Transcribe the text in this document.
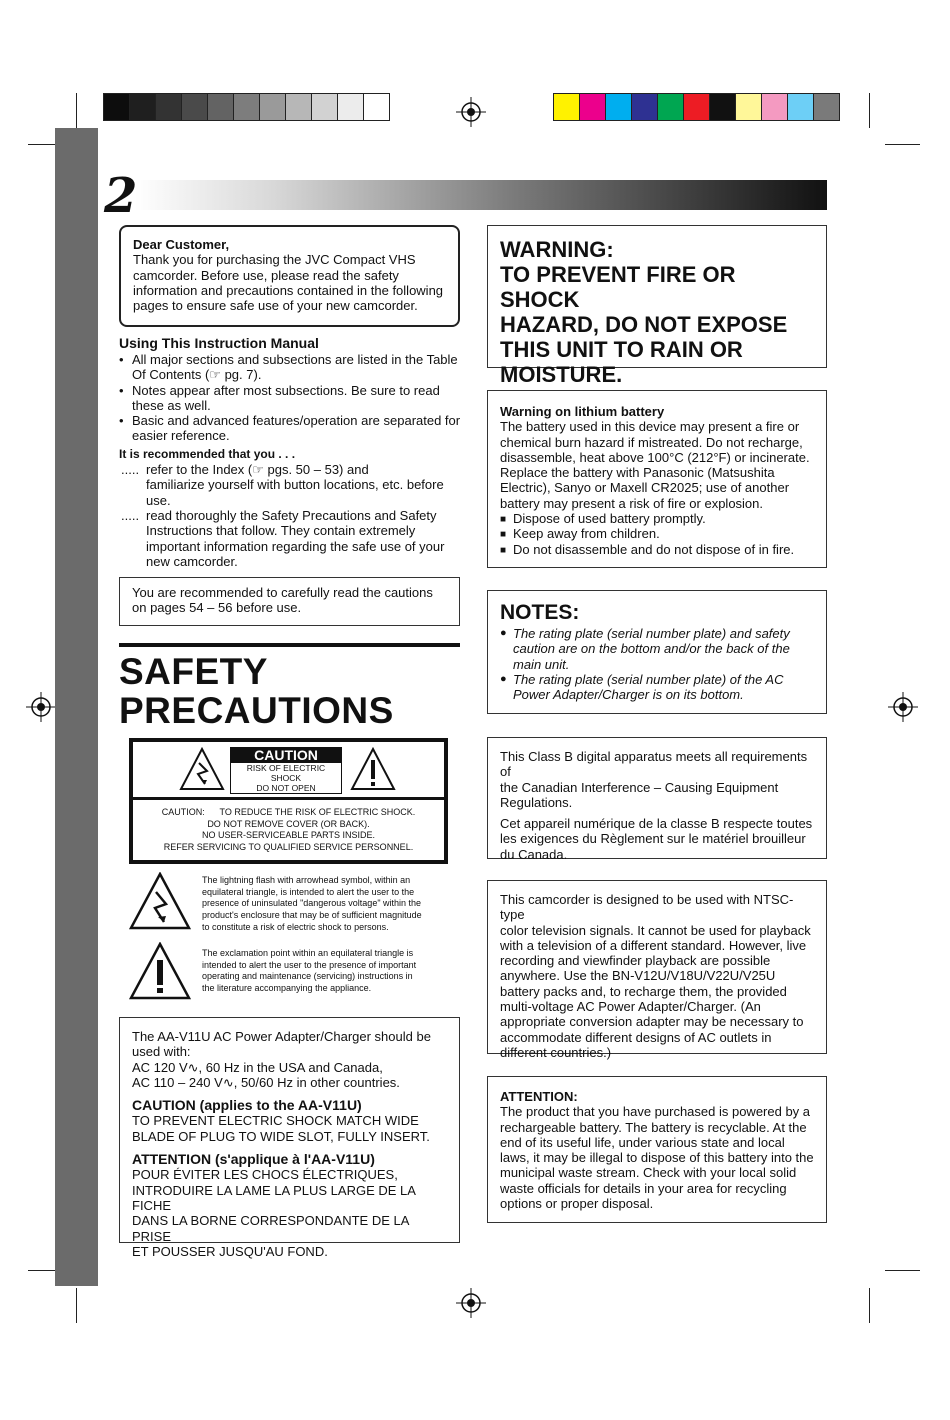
2
Dear Customer,
Thank you for purchasing the JVC Compact VHS
camcorder. Before use, please read the safety
information and precautions contained in the following
pages to ensure safe use of your new camcorder.
Using This Instruction Manual
• All major sections and subsections are listed in the Table
Of Contents (☞ pg. 7).
• Notes appear after most subsections. Be sure to read
these as well.
• Basic and advanced features/operation are separated for
easier reference.
It is recommended that you . . .
..... refer to the Index (☞ pgs. 50 – 53) and
familiarize yourself with button locations, etc. before
use.
..... read thoroughly the Safety Precautions and Safety
Instructions that follow. They contain extremely
important information regarding the safe use of your
new camcorder.
You are recommended to carefully read the cautions
on pages 54 – 56 before use.
SAFETY
PRECAUTIONS
CAUTION
RISK OF ELECTRIC SHOCK
DO NOT OPEN
CAUTION:      TO REDUCE THE RISK OF ELECTRIC SHOCK.
DO NOT REMOVE COVER (OR BACK).
NO USER-SERVICEABLE PARTS INSIDE.
REFER SERVICING TO QUALIFIED SERVICE PERSONNEL.
The lightning flash with arrowhead symbol, within an
equilateral triangle, is intended to alert the user to the
presence of uninsulated "dangerous voltage" within the
product's enclosure that may be of sufficient magnitude
to constitute a risk of electric shock to persons.
The exclamation point within an equilateral triangle is
intended to alert the user to the presence of important
operating and maintenance (servicing) instructions in
the literature accompanying the appliance.
The AA-V11U AC Power Adapter/Charger should be
used with:
AC 120 V∿, 60 Hz in the USA and Canada,
AC 110 – 240 V∿, 50/60 Hz in other countries.
CAUTION (applies to the AA-V11U)
TO PREVENT ELECTRIC SHOCK MATCH WIDE
BLADE OF PLUG TO WIDE SLOT, FULLY INSERT.
ATTENTION (s'applique à l'AA-V11U)
POUR ÉVITER LES CHOCS ÉLECTRIQUES,
INTRODUIRE LA LAME LA PLUS LARGE DE LA FICHE
DANS LA BORNE CORRESPONDANTE DE LA PRISE
ET POUSSER JUSQU'AU FOND.
WARNING:
TO PREVENT FIRE OR SHOCK
HAZARD, DO NOT EXPOSE
THIS UNIT TO RAIN OR
MOISTURE.
Warning on lithium battery
The battery used in this device may present a fire or
chemical burn hazard if mistreated. Do not recharge,
disassemble, heat above 100°C (212°F) or incinerate.
Replace the battery with Panasonic (Matsushita
Electric), Sanyo or Maxell CR2025; use of another
battery may present a risk of fire or explosion.
■ Dispose of used battery promptly.
■ Keep away from children.
■ Do not disassemble and do not dispose of in fire.
NOTES:
● The rating plate (serial number plate) and safety
caution are on the bottom and/or the back of the
main unit.
● The rating plate (serial number plate) of the AC
Power Adapter/Charger is on its bottom.
This Class B digital apparatus meets all requirements of
the Canadian Interference – Causing Equipment
Regulations.
Cet appareil numérique de la classe B respecte toutes
les exigences du Règlement sur le matériel brouilleur
du Canada.
This camcorder is designed to be used with NTSC-type
color television signals. It cannot be used for playback
with a television of a different standard. However, live
recording and viewfinder playback are possible
anywhere. Use the BN-V12U/V18U/V22U/V25U
battery packs and, to recharge them, the provided
multi-voltage AC Power Adapter/Charger. (An
appropriate conversion adapter may be necessary to
accommodate different designs of AC outlets in
different countries.)
ATTENTION:
The product that you have purchased is powered by a
rechargeable battery. The battery is recyclable. At the
end of its useful life, under various state and local
laws, it may be illegal to dispose of this battery into the
municipal waste stream. Check with your local solid
waste officials for details in your area for recycling
options or proper disposal.
